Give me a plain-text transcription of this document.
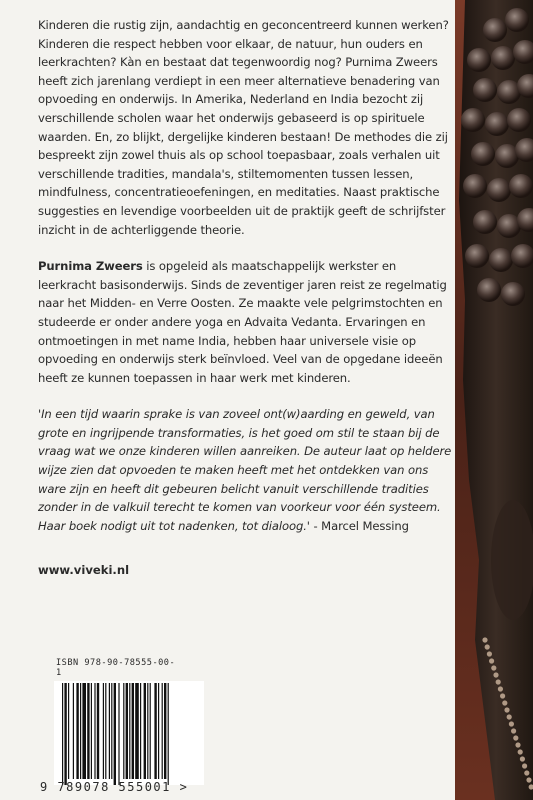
Kinderen die rustig zijn, aandachtig en geconcentreerd kunnen werken? Kinderen die respect hebben voor elkaar, de natuur, hun ouders en leerkrachten? Kàn en bestaat dat tegenwoordig nog? Purnima Zweers heeft zich jarenlang verdiept in een meer alternatieve benadering van opvoeding en onderwijs. In Amerika, Nederland en India bezocht zij verschillende scholen waar het onderwijs gebaseerd is op spirituele waarden. En, zo blijkt, dergelijke kinderen bestaan! De methodes die zij bespreekt zijn zowel thuis als op school toepasbaar, zoals verhalen uit verschillende tradities, mandala's, stiltemomenten tussen lessen, mindfulness, concentratieoefeningen, en meditaties. Naast praktische suggesties en levendige voorbeelden uit de praktijk geeft de schrijfster inzicht in de achterliggende theorie.

Purnima Zweers is opgeleid als maatschappelijk werkster en leerkracht basisonderwijs. Sinds de zeventiger jaren reist ze regelmatig naar het Midden- en Verre Oosten. Ze maakte vele pelgrimstochten en studeerde er onder andere yoga en Advaita Vedanta. Ervaringen en ontmoetingen in met name India, hebben haar universele visie op opvoeding en onderwijs sterk beïnvloed. Veel van de opgedane ideeën heeft ze kunnen toepassen in haar werk met kinderen.

'In een tijd waarin sprake is van zoveel ont(w)aarding en geweld, van grote en ingrijpende transformaties, is het goed om stil te staan bij de vraag wat we onze kinderen willen aanreiken. De auteur laat op heldere wijze zien dat opvoeden te maken heeft met het ontdekken van ons ware zijn en heeft dit gebeuren belicht vanuit verschillende tradities zonder in de valkuil terecht te komen van voorkeur voor één systeem. Haar boek nodigt uit tot nadenken, tot dialoog.' - Marcel Messing

www.viveki.nl
ISBN 978-90-78555-00-1
9 789078 555001 >
